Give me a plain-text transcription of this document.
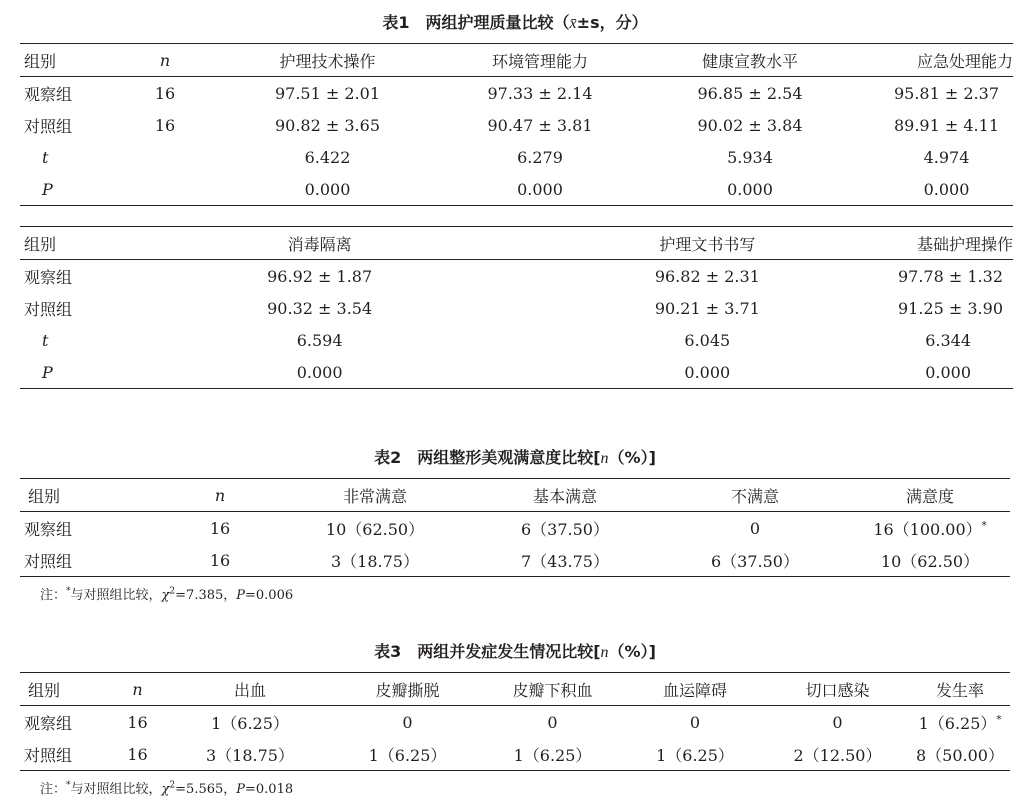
表1　两组护理质量比较（x̄±s，分）
组别	n	护理技术操作	环境管理能力	健康宣教水平	应急处理能力
观察组	16	97.51 ± 2.01	97.33 ± 2.14	96.85 ± 2.54	95.81 ± 2.37
对照组	16	90.82 ± 3.65	90.47 ± 3.81	90.02 ± 3.84	89.91 ± 4.11
t		6.422	6.279	5.934	4.974
P		0.000	0.000	0.000	0.000
组别	消毒隔离	护理文书书写	基础护理操作
观察组	96.92 ± 1.87	96.82 ± 2.31	97.78 ± 1.32
对照组	90.32 ± 3.54	90.21 ± 3.71	91.25 ± 3.90
t	6.594	6.045	6.344
P	0.000	0.000	0.000
表2　两组整形美观满意度比较[n（%）]
组别	n	非常满意	基本满意	不满意	满意度
观察组	16	10（62.50）	6（37.50）	0	16（100.00）*
对照组	16	3（18.75）	7（43.75）	6（37.50）	10（62.50）
注：*与对照组比较，$\chi^2=7.385$，P=0.006
表3　两组并发症发生情况比较[n（%）]
组别	n	出血	皮瓣撕脱	皮瓣下积血	血运障碍	切口感染	发生率
观察组	16	1（6.25）	0	0	0	0	1（6.25）*
对照组	16	3（18.75）	1（6.25）	1（6.25）	1（6.25）	2（12.50）	8（50.00）
注：*与对照组比较，$\chi^2=5.565$，P=0.018
